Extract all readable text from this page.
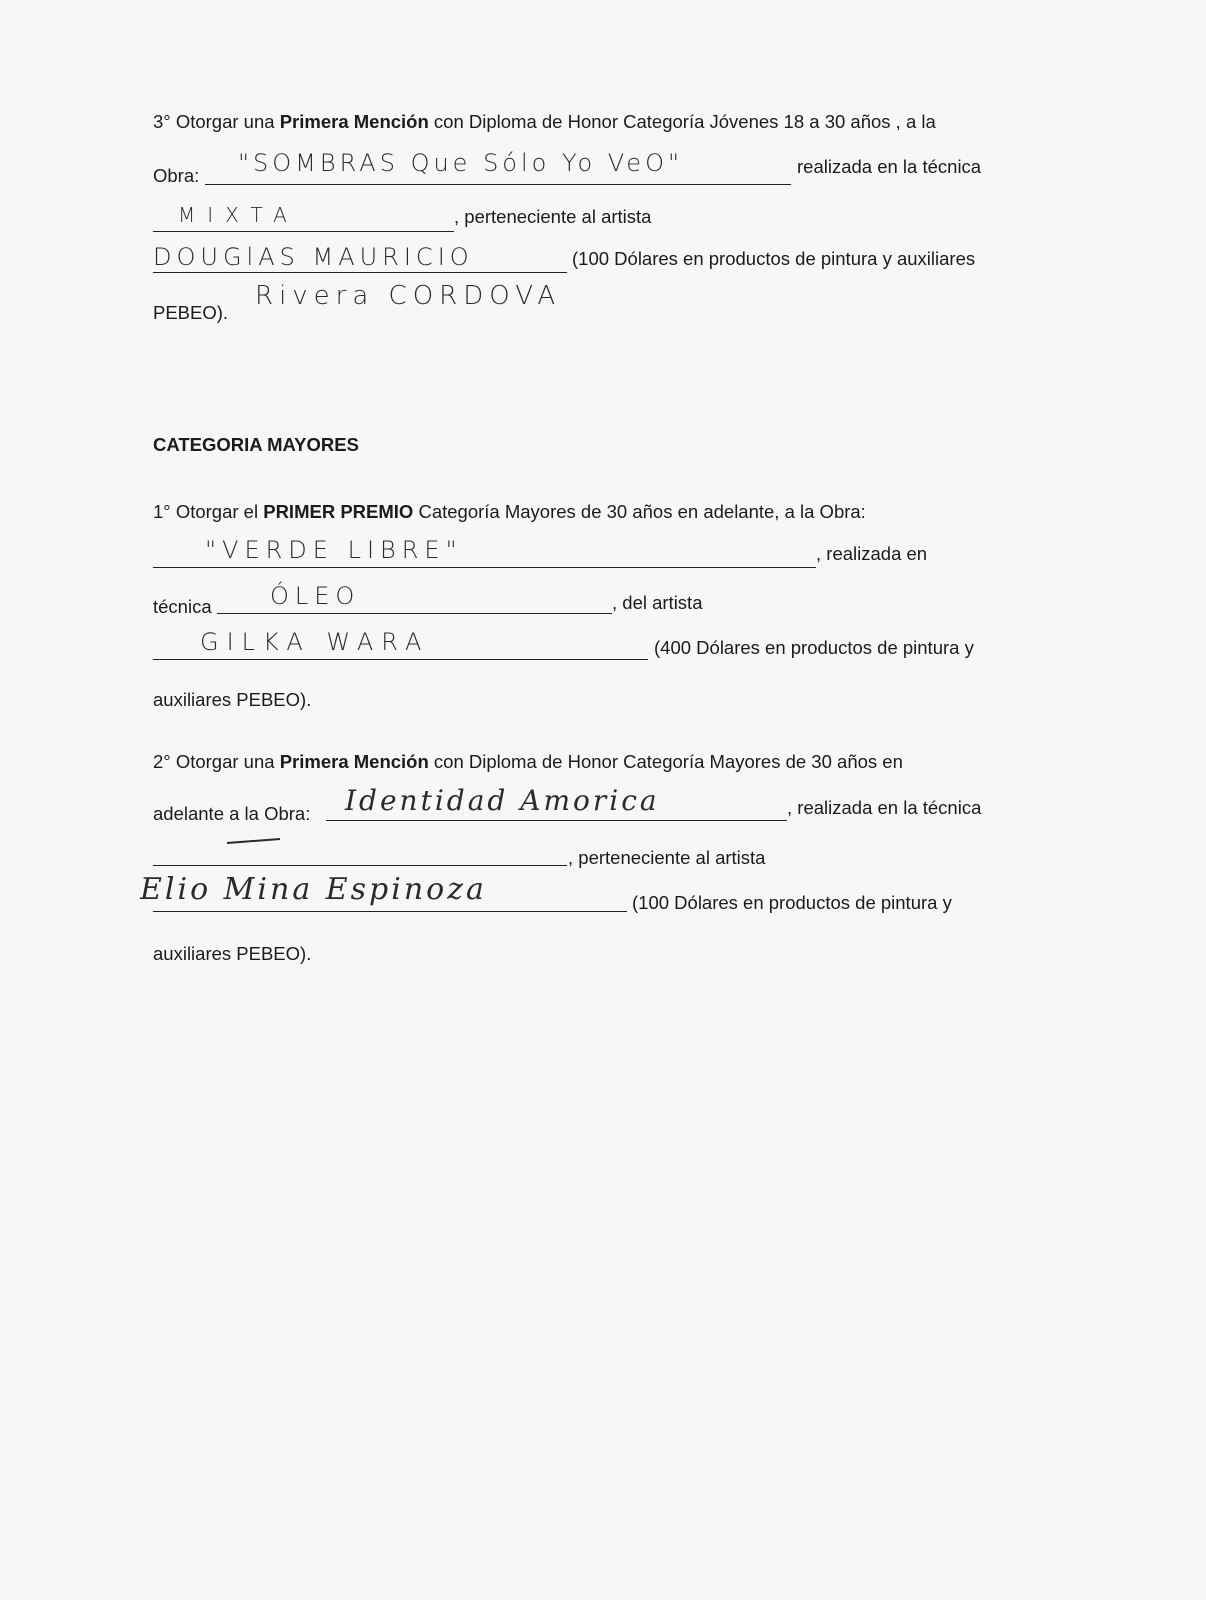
3° Otorgar una Primera Mención con Diploma de Honor Categoría Jóvenes 18 a 30 años , a la
Obra: "SOMBRAS Que Sólo Yo VeO"	realizada en la técnica
MIXTA	, perteneciente al artista
DOUGlAS MAURICIO	(100 Dólares en productos de pintura y auxiliares
PEBEO).
Rivera CORDOVA
CATEGORIA MAYORES
1° Otorgar el PRIMER PREMIO Categoría Mayores de 30 años en adelante, a la Obra:
"VERDE LIBRE"	, realizada en
técnica ÓLEO	, del artista
GILKA WARA	(400 Dólares en productos de pintura y
auxiliares PEBEO).
2° Otorgar una Primera Mención con Diploma de Honor Categoría Mayores de 30 años en
adelante a la Obra: Identidad Amorica	, realizada en la técnica
, perteneciente al artista
Elio Mina Espinoza	(100 Dólares en productos de pintura y
auxiliares PEBEO).
